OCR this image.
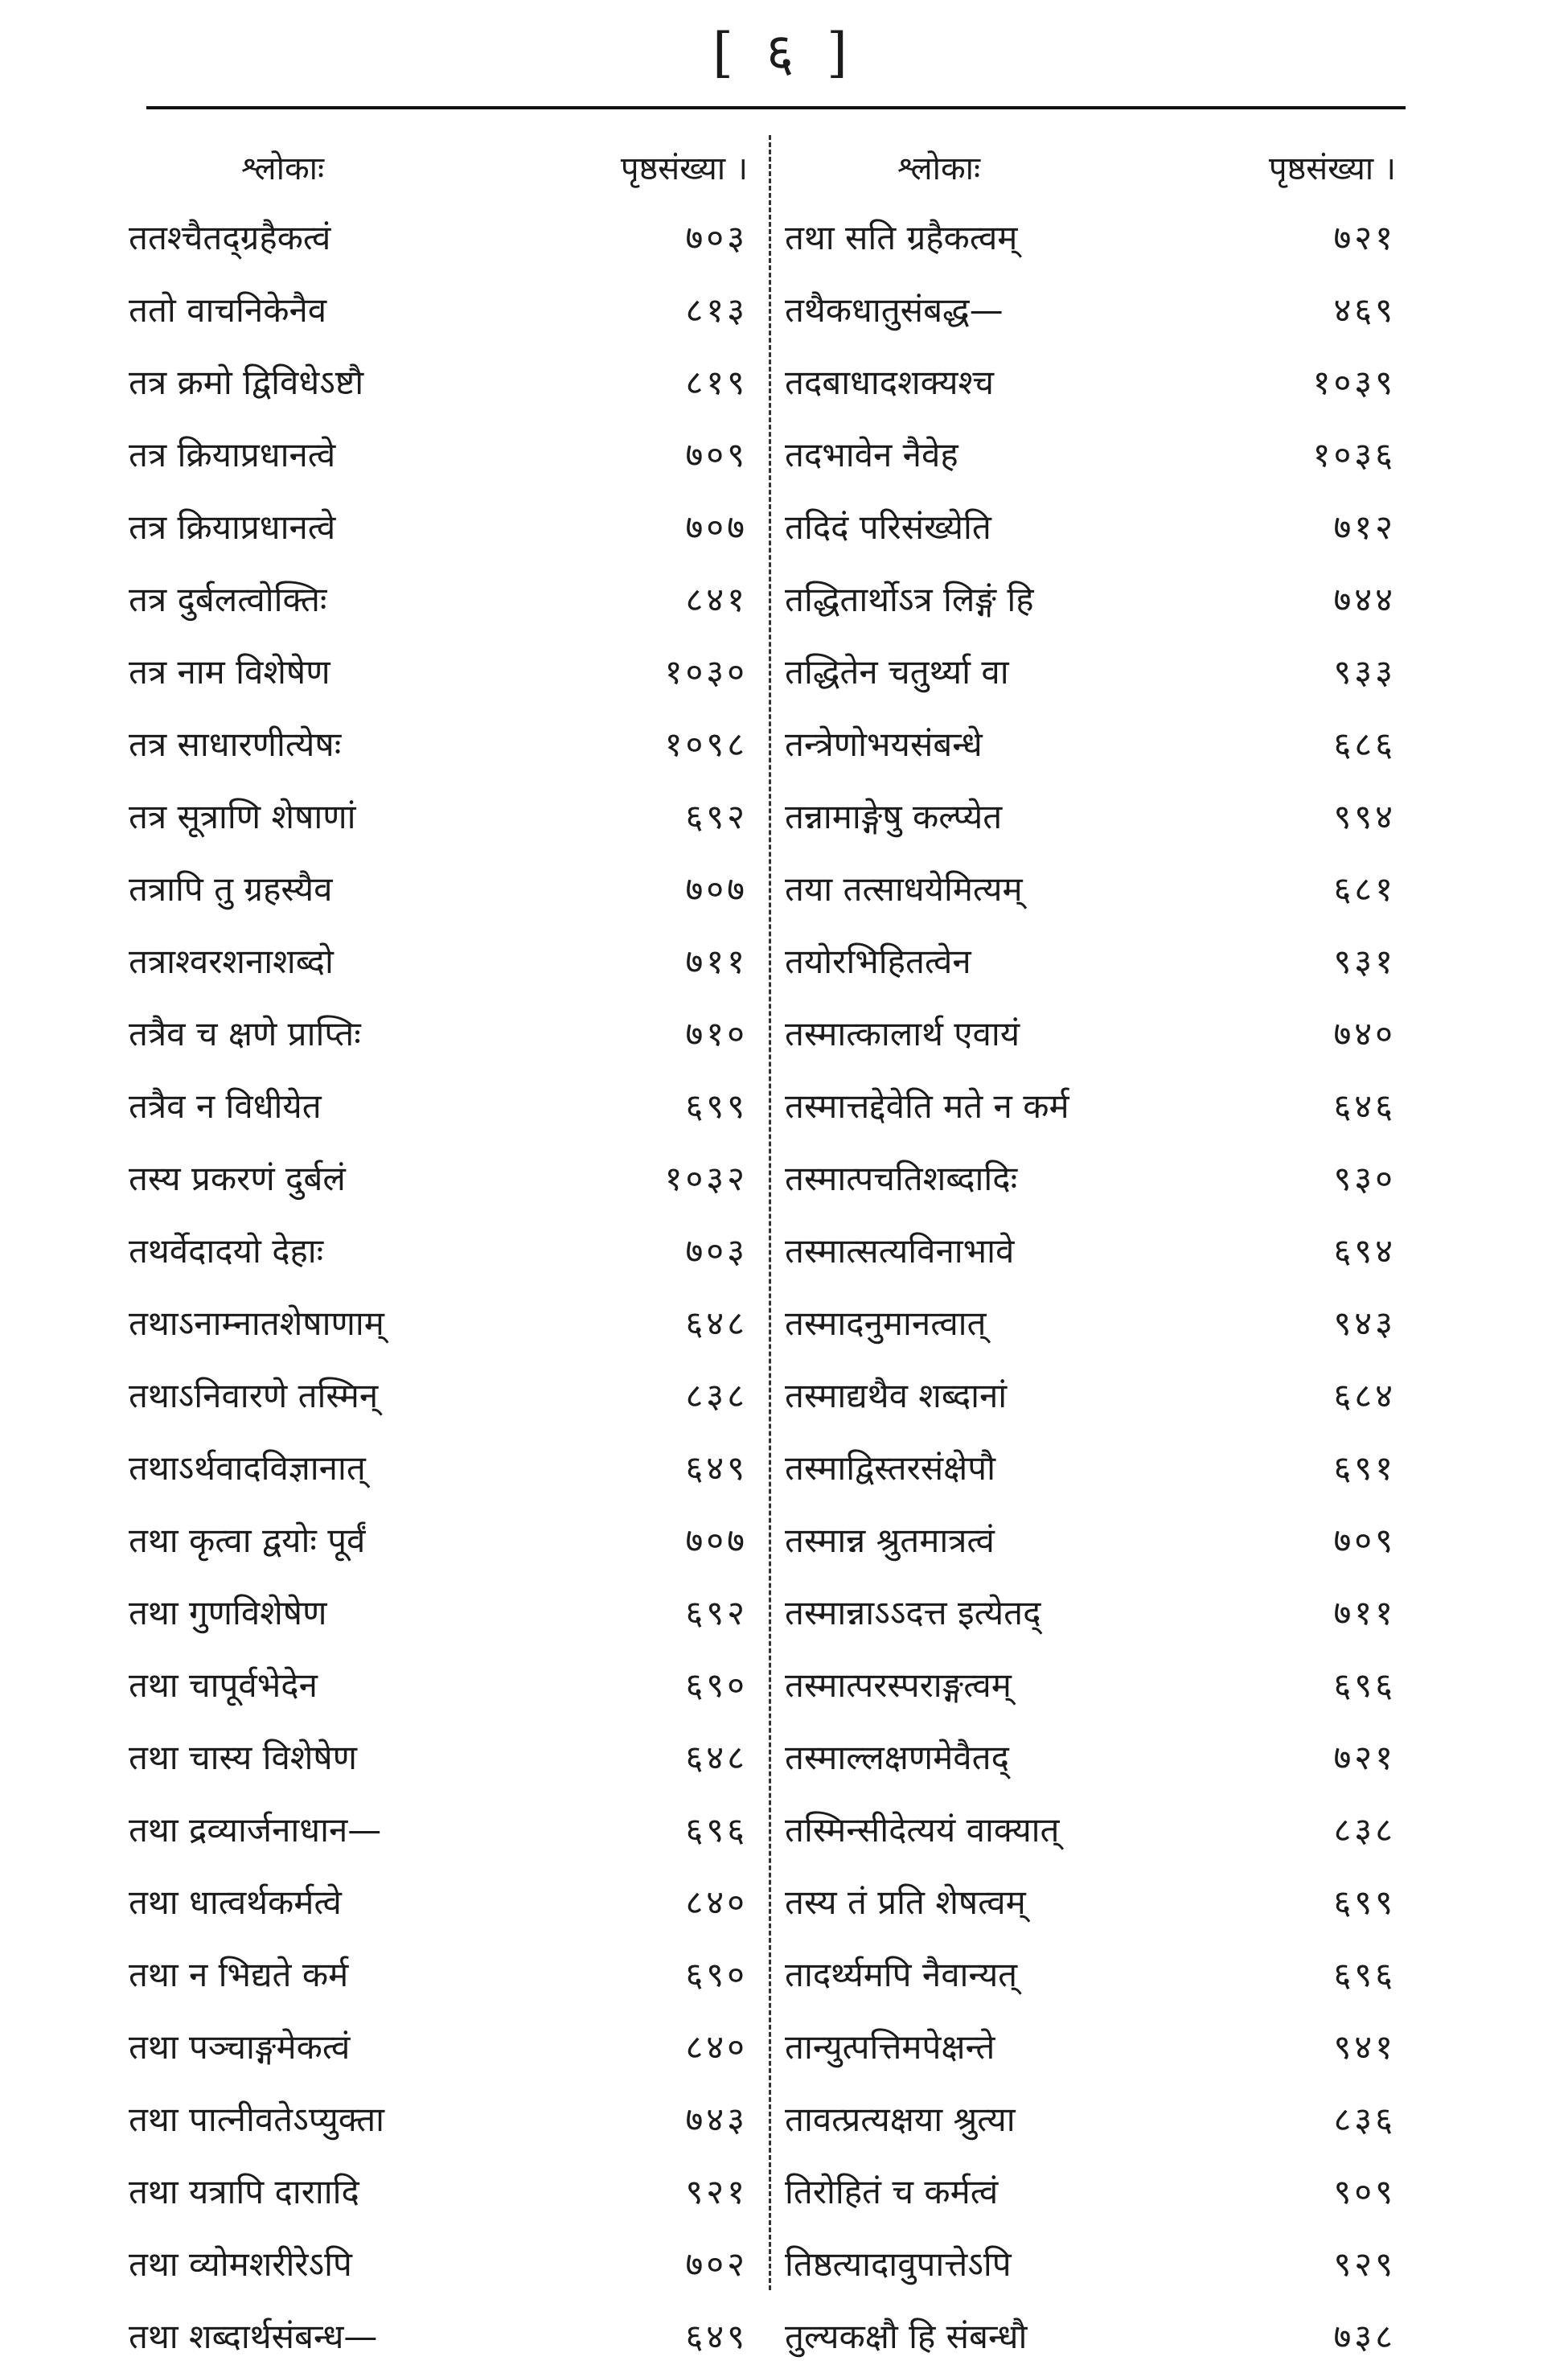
[ ६ ]
श्लोकाः	पृष्ठसंख्या ।
ततश्चैतद्ग्रहैकत्वं	७०३
ततो वाचनिकेनैव	८१३
तत्र क्रमो द्विविधेऽष्टौ	८१९
तत्र क्रियाप्रधानत्वे	७०९
तत्र क्रियाप्रधानत्वे	७०७
तत्र दुर्बलत्वोक्तिः	८४१
तत्र नाम विशेषेण	१०३०
तत्र साधारणीत्येषः	१०९८
तत्र सूत्राणि शेषाणां	६९२
तत्रापि तु ग्रहस्यैव	७०७
तत्राश्वरशनाशब्दो	७११
तत्रैव च क्षणे प्राप्तिः	७१०
तत्रैव न विधीयेत	६९९
तस्य प्रकरणं दुर्बलं	१०३२
तथर्वेदादयो देहाः	७०३
तथाऽनाम्नातशेषाणाम्	६४८
तथाऽनिवारणे तस्मिन्	८३८
तथाऽर्थवादविज्ञानात्	६४९
तथा कृत्वा द्वयोः पूर्वं	७०७
तथा गुणविशेषेण	६९२
तथा चापूर्वभेदेन	६९०
तथा चास्य विशेषेण	६४८
तथा द्रव्यार्जनाधान—	६९६
तथा धात्वर्थकर्मत्वे	८४०
तथा न भिद्यते कर्म	६९०
तथा पञ्चाङ्गमेकत्वं	८४०
तथा पात्नीवतेऽप्युक्ता	७४३
तथा यत्रापि दाराादि	९२१
तथा व्योमशरीरेऽपि	७०२
तथा शब्दार्थसंबन्ध—	६४९
श्लोकाः	पृष्ठसंख्या ।
तथा सति ग्रहैकत्वम्	७२१
तथैकधातुसंबद्ध—	४६९
तदबाधादशक्यश्च	१०३९
तदभावेन नैवेह	१०३६
तदिदं परिसंख्येति	७१२
तद्धितार्थोऽत्र लिङ्गं हि	७४४
तद्धितेन चतुर्थ्या वा	९३३
तन्त्रेणोभयसंबन्धे	६८६
तन्नामाङ्गेषु कल्प्येत	९९४
तया तत्साधयेमित्यम्	६८१
तयोरभिहितत्वेन	९३१
तस्मात्कालार्थ एवायं	७४०
तस्मात्तद्देवेति मते न कर्म	६४६
तस्मात्पचतिशब्दादिः	९३०
तस्मात्सत्यविनाभावे	६९४
तस्मादनुमानत्वात्	९४३
तस्माद्यथैव शब्दानां	६८४
तस्माद्विस्तरसंक्षेपौ	६९१
तस्मान्न श्रुतमात्रत्वं	७०९
तस्मान्नाऽऽदत्त इत्येतद्	७११
तस्मात्परस्पराङ्गत्वम्	६९६
तस्माल्लक्षणमेवैतद्	७२१
तस्मिन्सीदेत्ययं वाक्यात्	८३८
तस्य तं प्रति शेषत्वम्	६९९
तादर्थ्यमपि नैवान्यत्	६९६
तान्युत्पत्तिमपेक्षन्ते	९४१
तावत्प्रत्यक्षया श्रुत्या	८३६
तिरोहितं च कर्मत्वं	९०९
तिष्ठत्यादावुपात्तेऽपि	९२९
तुल्यकक्षौ हि संबन्धौ	७३८
